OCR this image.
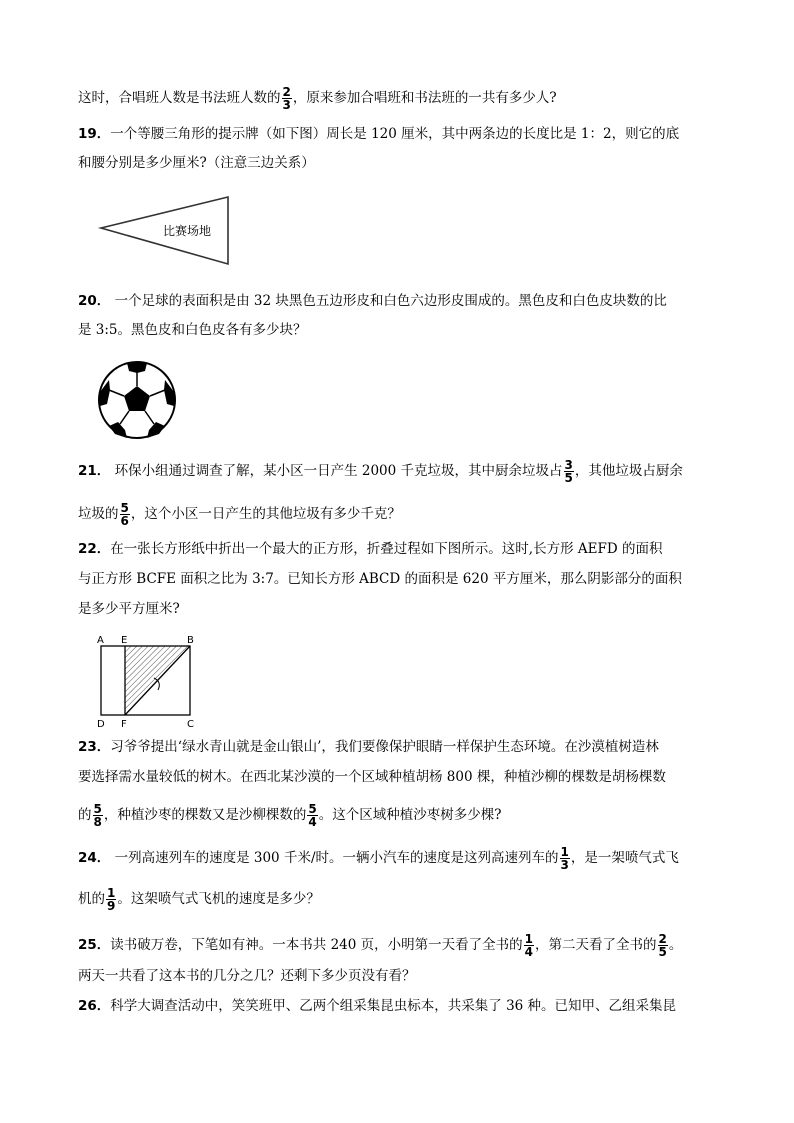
这时，合唱班人数是书法班人数的 $\frac{2}{3}$ ，原来参加合唱班和书法班的一共有多少人?
19．一个等腰三角形的提示牌（如下图）周长是 120 厘米，其中两条边的长度比是 1：2，则它的底
和腰分别是多少厘米?（注意三边关系）
比赛场地
20． 一个足球的表面积是由 32 块黑色五边形皮和白色六边形皮围成的。黑色皮和白色皮块数的比
是 3:5。黑色皮和白色皮各有多少块？
21． 环保小组通过调查了解，某小区一日产生 2000 千克垃圾，其中厨余垃圾占 $\frac{3}{5}$ ，其他垃圾占厨余
垃圾的 $\frac{5}{6}$ ，这个小区一日产生的其他垃圾有多少千克？
22．在一张长方形纸中折出一个最大的正方形，折叠过程如下图所示。这时,长方形 AEFD 的面积
与正方形 BCFE 面积之比为 3:7。已知长方形 ABCD 的面积是 620 平方厘米，那么阴影部分的面积
是多少平方厘米?
A E	B
D F	C
23．习爷爷提出‘绿水青山就是金山银山’，我们要像保护眼睛一样保护生态环境。在沙漠植树造林
要选择需水量较低的树木。在西北某沙漠的一个区域种植胡杨 800 棵，种植沙柳的棵数是胡杨棵数
的 $\frac{5}{8}$ ，种植沙枣的棵数又是沙柳棵数的 $\frac{5}{4}$ 。这个区域种植沙枣树多少棵?
24． 一列高速列车的速度是 300 千米/时。一辆小汽车的速度是这列高速列车的 $\frac{1}{3}$ ，是一架喷气式飞
机的 $\frac{1}{9}$ 。这架喷气式飞机的速度是多少？
25．读书破万卷，下笔如有神。一本书共 240 页，小明第一天看了全书的 $\frac{1}{4}$ ，第二天看了全书的 $\frac{2}{5}$ 。
两天一共看了这本书的几分之几？还剩下多少页没有看？
26．科学大调查活动中，笑笑班甲、乙两个组采集昆虫标本，共采集了 36 种。已知甲、乙组采集昆
